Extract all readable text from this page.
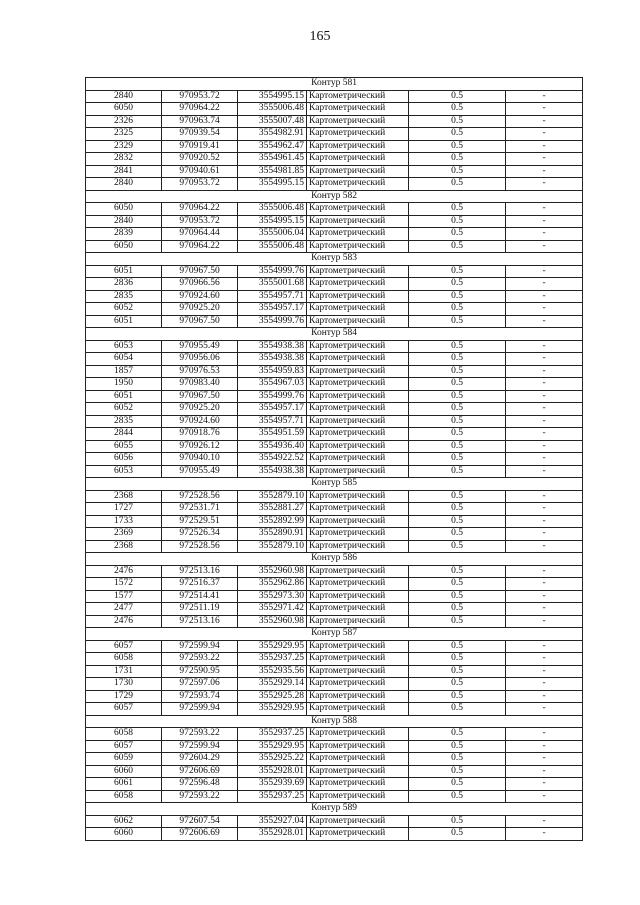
165
Контур 581					
2840	970953.72	3554995.15	Картометрический	0.5	-
6050	970964.22	3555006.48	Картометрический	0.5	-
2326	970963.74	3555007.48	Картометрический	0.5	-
2325	970939.54	3554982.91	Картометрический	0.5	-
2329	970919.41	3554962.47	Картометрический	0.5	-
2832	970920.52	3554961.45	Картометрический	0.5	-
2841	970940.61	3554981.85	Картометрический	0.5	-
2840	970953.72	3554995.15	Картометрический	0.5	-
Контур 582					
6050	970964.22	3555006.48	Картометрический	0.5	-
2840	970953.72	3554995.15	Картометрический	0.5	-
2839	970964.44	3555006.04	Картометрический	0.5	-
6050	970964.22	3555006.48	Картометрический	0.5	-
Контур 583					
6051	970967.50	3554999.76	Картометрический	0.5	-
2836	970966.56	3555001.68	Картометрический	0.5	-
2835	970924.60	3554957.71	Картометрический	0.5	-
6052	970925.20	3554957.17	Картометрический	0.5	-
6051	970967.50	3554999.76	Картометрический	0.5	-
Контур 584					
6053	970955.49	3554938.38	Картометрический	0.5	-
6054	970956.06	3554938.38	Картометрический	0.5	-
1857	970976.53	3554959.83	Картометрический	0.5	-
1950	970983.40	3554967.03	Картометрический	0.5	-
6051	970967.50	3554999.76	Картометрический	0.5	-
6052	970925.20	3554957.17	Картометрический	0.5	-
2835	970924.60	3554957.71	Картометрический	0.5	-
2844	970918.76	3554951.59	Картометрический	0.5	-
6055	970926.12	3554936.40	Картометрический	0.5	-
6056	970940.10	3554922.52	Картометрический	0.5	-
6053	970955.49	3554938.38	Картометрический	0.5	-
Контур 585					
2368	972528.56	3552879.10	Картометрический	0.5	-
1727	972531.71	3552881.27	Картометрический	0.5	-
1733	972529.51	3552892.99	Картометрический	0.5	-
2369	972526.34	3552890.91	Картометрический	0.5	-
2368	972528.56	3552879.10	Картометрический	0.5	-
Контур 586					
2476	972513.16	3552960.98	Картометрический	0.5	-
1572	972516.37	3552962.86	Картометрический	0.5	-
1577	972514.41	3552973.30	Картометрический	0.5	-
2477	972511.19	3552971.42	Картометрический	0.5	-
2476	972513.16	3552960.98	Картометрический	0.5	-
Контур 587					
6057	972599.94	3552929.95	Картометрический	0.5	-
6058	972593.22	3552937.25	Картометрический	0.5	-
1731	972590.95	3552935.56	Картометрический	0.5	-
1730	972597.06	3552929.14	Картометрический	0.5	-
1729	972593.74	3552925.28	Картометрический	0.5	-
6057	972599.94	3552929.95	Картометрический	0.5	-
Контур 588					
6058	972593.22	3552937.25	Картометрический	0.5	-
6057	972599.94	3552929.95	Картометрический	0.5	-
6059	972604.29	3552925.22	Картометрический	0.5	-
6060	972606.69	3552928.01	Картометрический	0.5	-
6061	972596.48	3552939.69	Картометрический	0.5	-
6058	972593.22	3552937.25	Картометрический	0.5	-
Контур 589					
6062	972607.54	3552927.04	Картометрический	0.5	-
6060	972606.69	3552928.01	Картометрический	0.5	-
